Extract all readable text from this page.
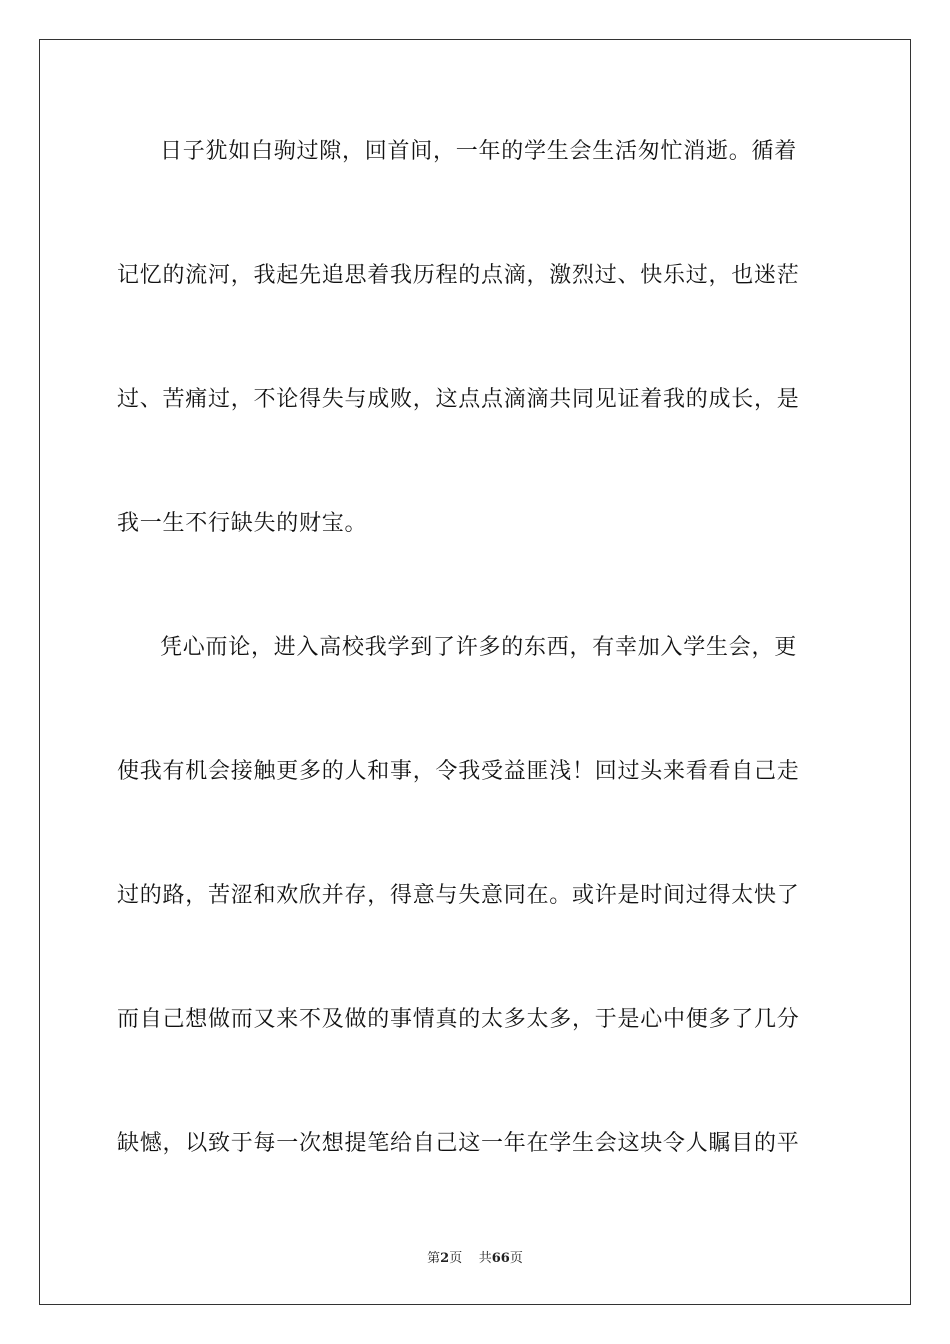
日子犹如白驹过隙，回首间，一年的学生会生活匆忙消逝。循着
记忆的流河，我起先追思着我历程的点滴，激烈过、快乐过，也迷茫
过、苦痛过，不论得失与成败，这点点滴滴共同见证着我的成长，是
我一生不行缺失的财宝。
凭心而论，进入高校我学到了许多的东西，有幸加入学生会，更
使我有机会接触更多的人和事，令我受益匪浅！回过头来看看自己走
过的路，苦涩和欢欣并存，得意与失意同在。或许是时间过得太快了
而自己想做而又来不及做的事情真的太多太多，于是心中便多了几分
缺憾，以致于每一次想提笔给自己这一年在学生会这块令人瞩目的平
第2页 共66页
